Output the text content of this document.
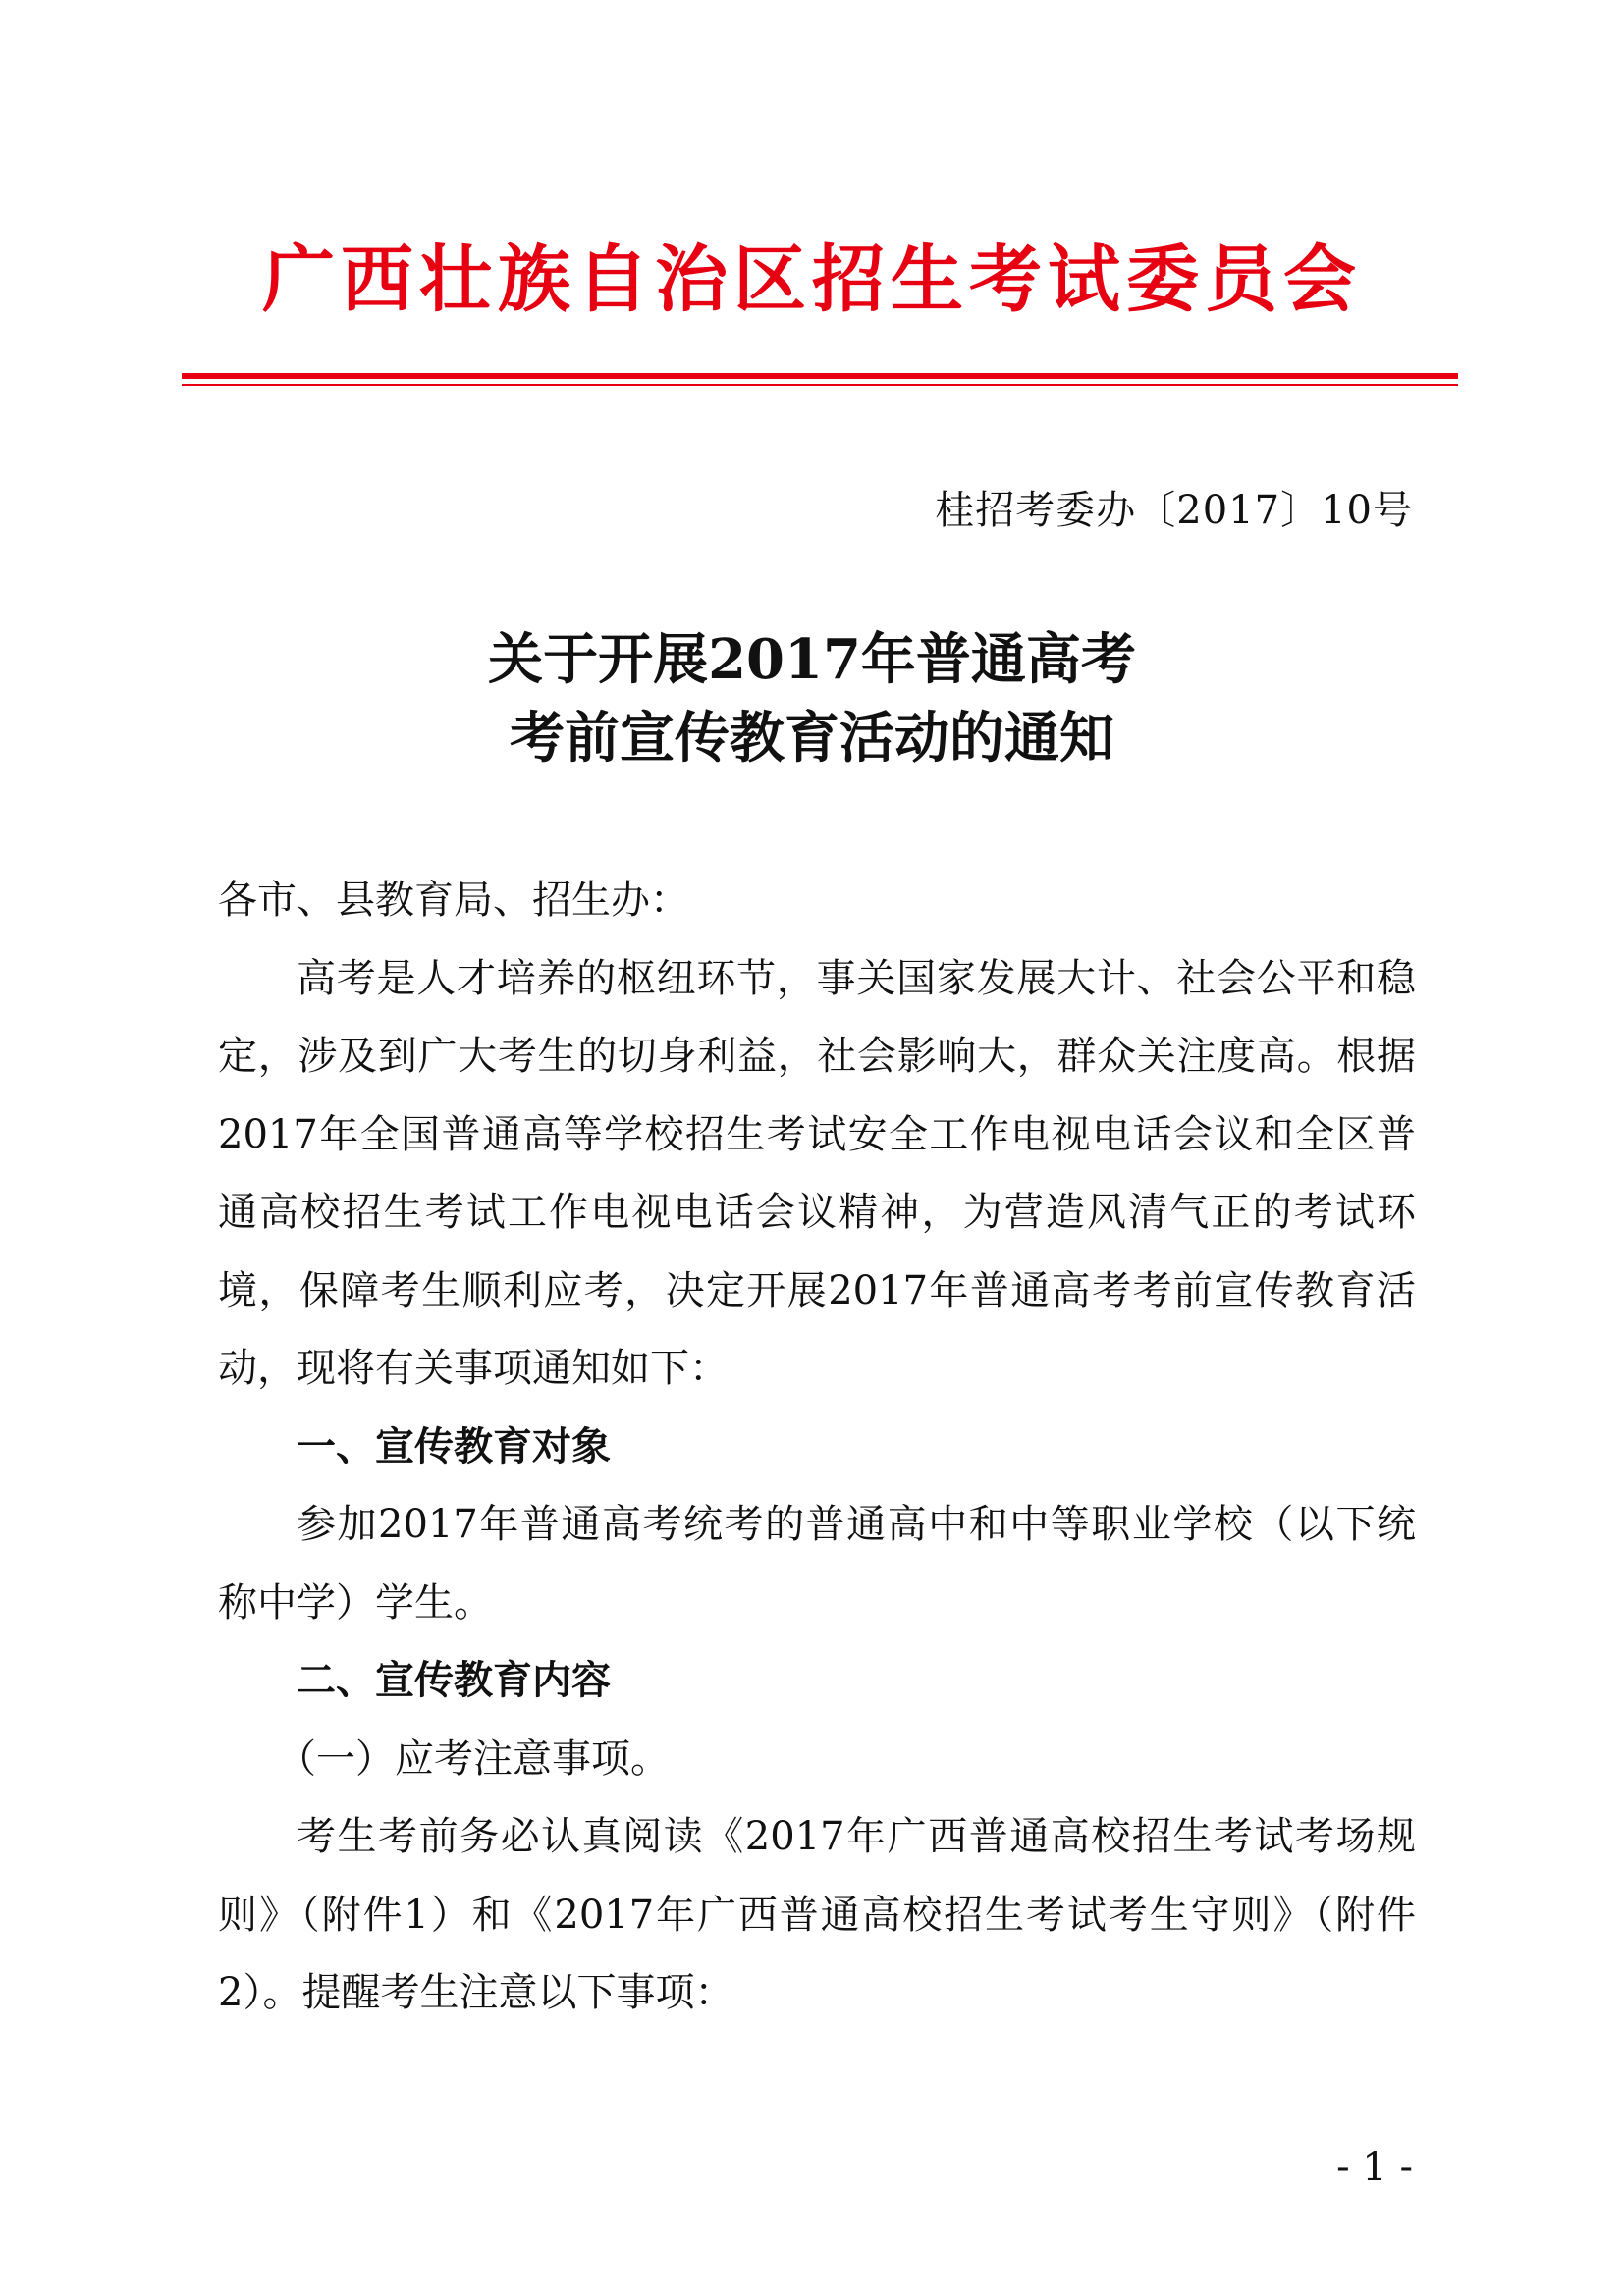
广西壮族自治区招生考试委员会
桂招考委办〔2017〕10号
关于开展2017年普通高考
考前宣传教育活动的通知

各市、县教育局、招生办：

高考是人才培养的枢纽环节，事关国家发展大计、社会公平和稳定，涉及到广大考生的切身利益，社会影响大，群众关注度高。根据2017年全国普通高等学校招生考试安全工作电视电话会议和全区普通高校招生考试工作电视电话会议精神，为营造风清气正的考试环境，保障考生顺利应考，决定开展2017年普通高考考前宣传教育活动，现将有关事项通知如下：

一、宣传教育对象

参加2017年普通高考统考的普通高中和中等职业学校（以下统称中学）学生。

二、宣传教育内容

（一）应考注意事项。

考生考前务必认真阅读《2017年广西普通高校招生考试考场规则》（附件1）和《2017年广西普通高校招生考试考生守则》（附件2）。提醒考生注意以下事项：

- 1 -
